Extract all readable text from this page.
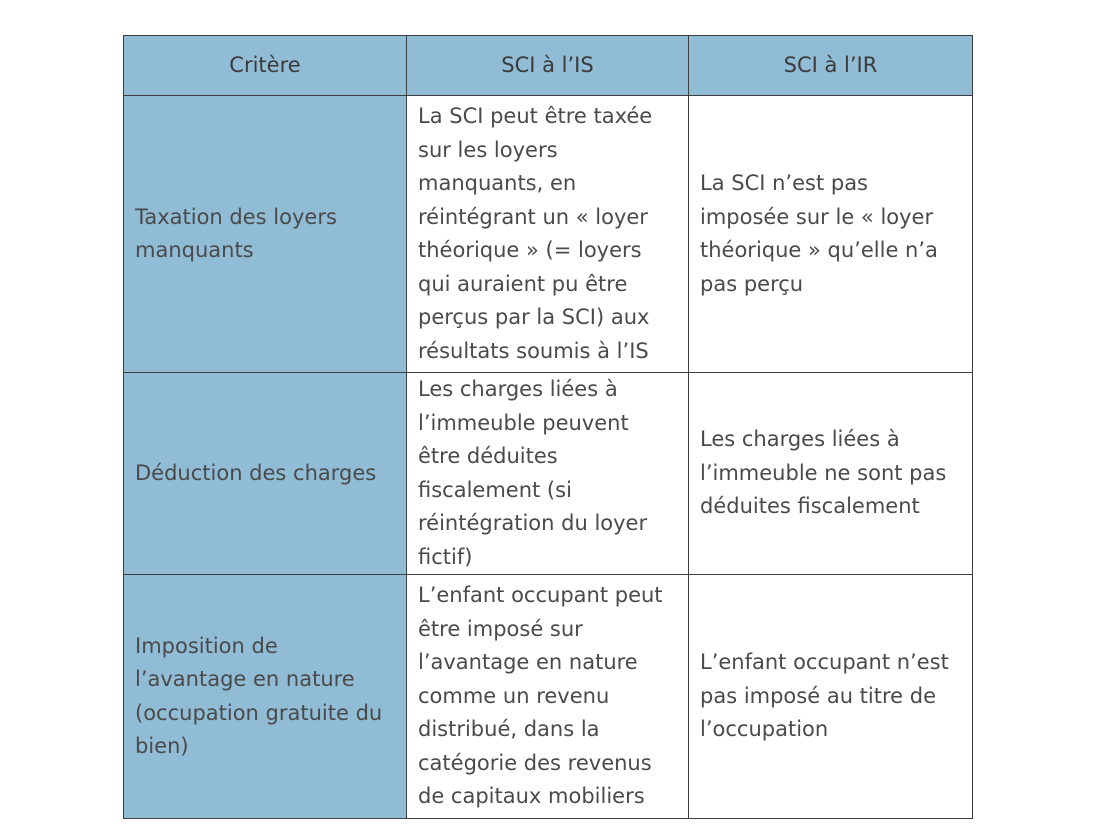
Critère	SCI à l’IS	SCI à l’IR
Taxation des loyers manquants	La SCI peut être taxée sur les loyers manquants, en réintégrant un « loyer théorique » (= loyers qui auraient pu être perçus par la SCI) aux résultats soumis à l’IS	La SCI n’est pas imposée sur le « loyer théorique » qu’elle n’a pas perçu
Déduction des charges	Les charges liées à l’immeuble peuvent être déduites fiscalement (si réintégration du loyer fictif)	Les charges liées à l’immeuble ne sont pas déduites fiscalement
Imposition de l’avantage en nature (occupation gratuite du bien)	L’enfant occupant peut être imposé sur l’avantage en nature comme un revenu distribué, dans la catégorie des revenus de capitaux mobiliers	L’enfant occupant n’est pas imposé au titre de l’occupation
